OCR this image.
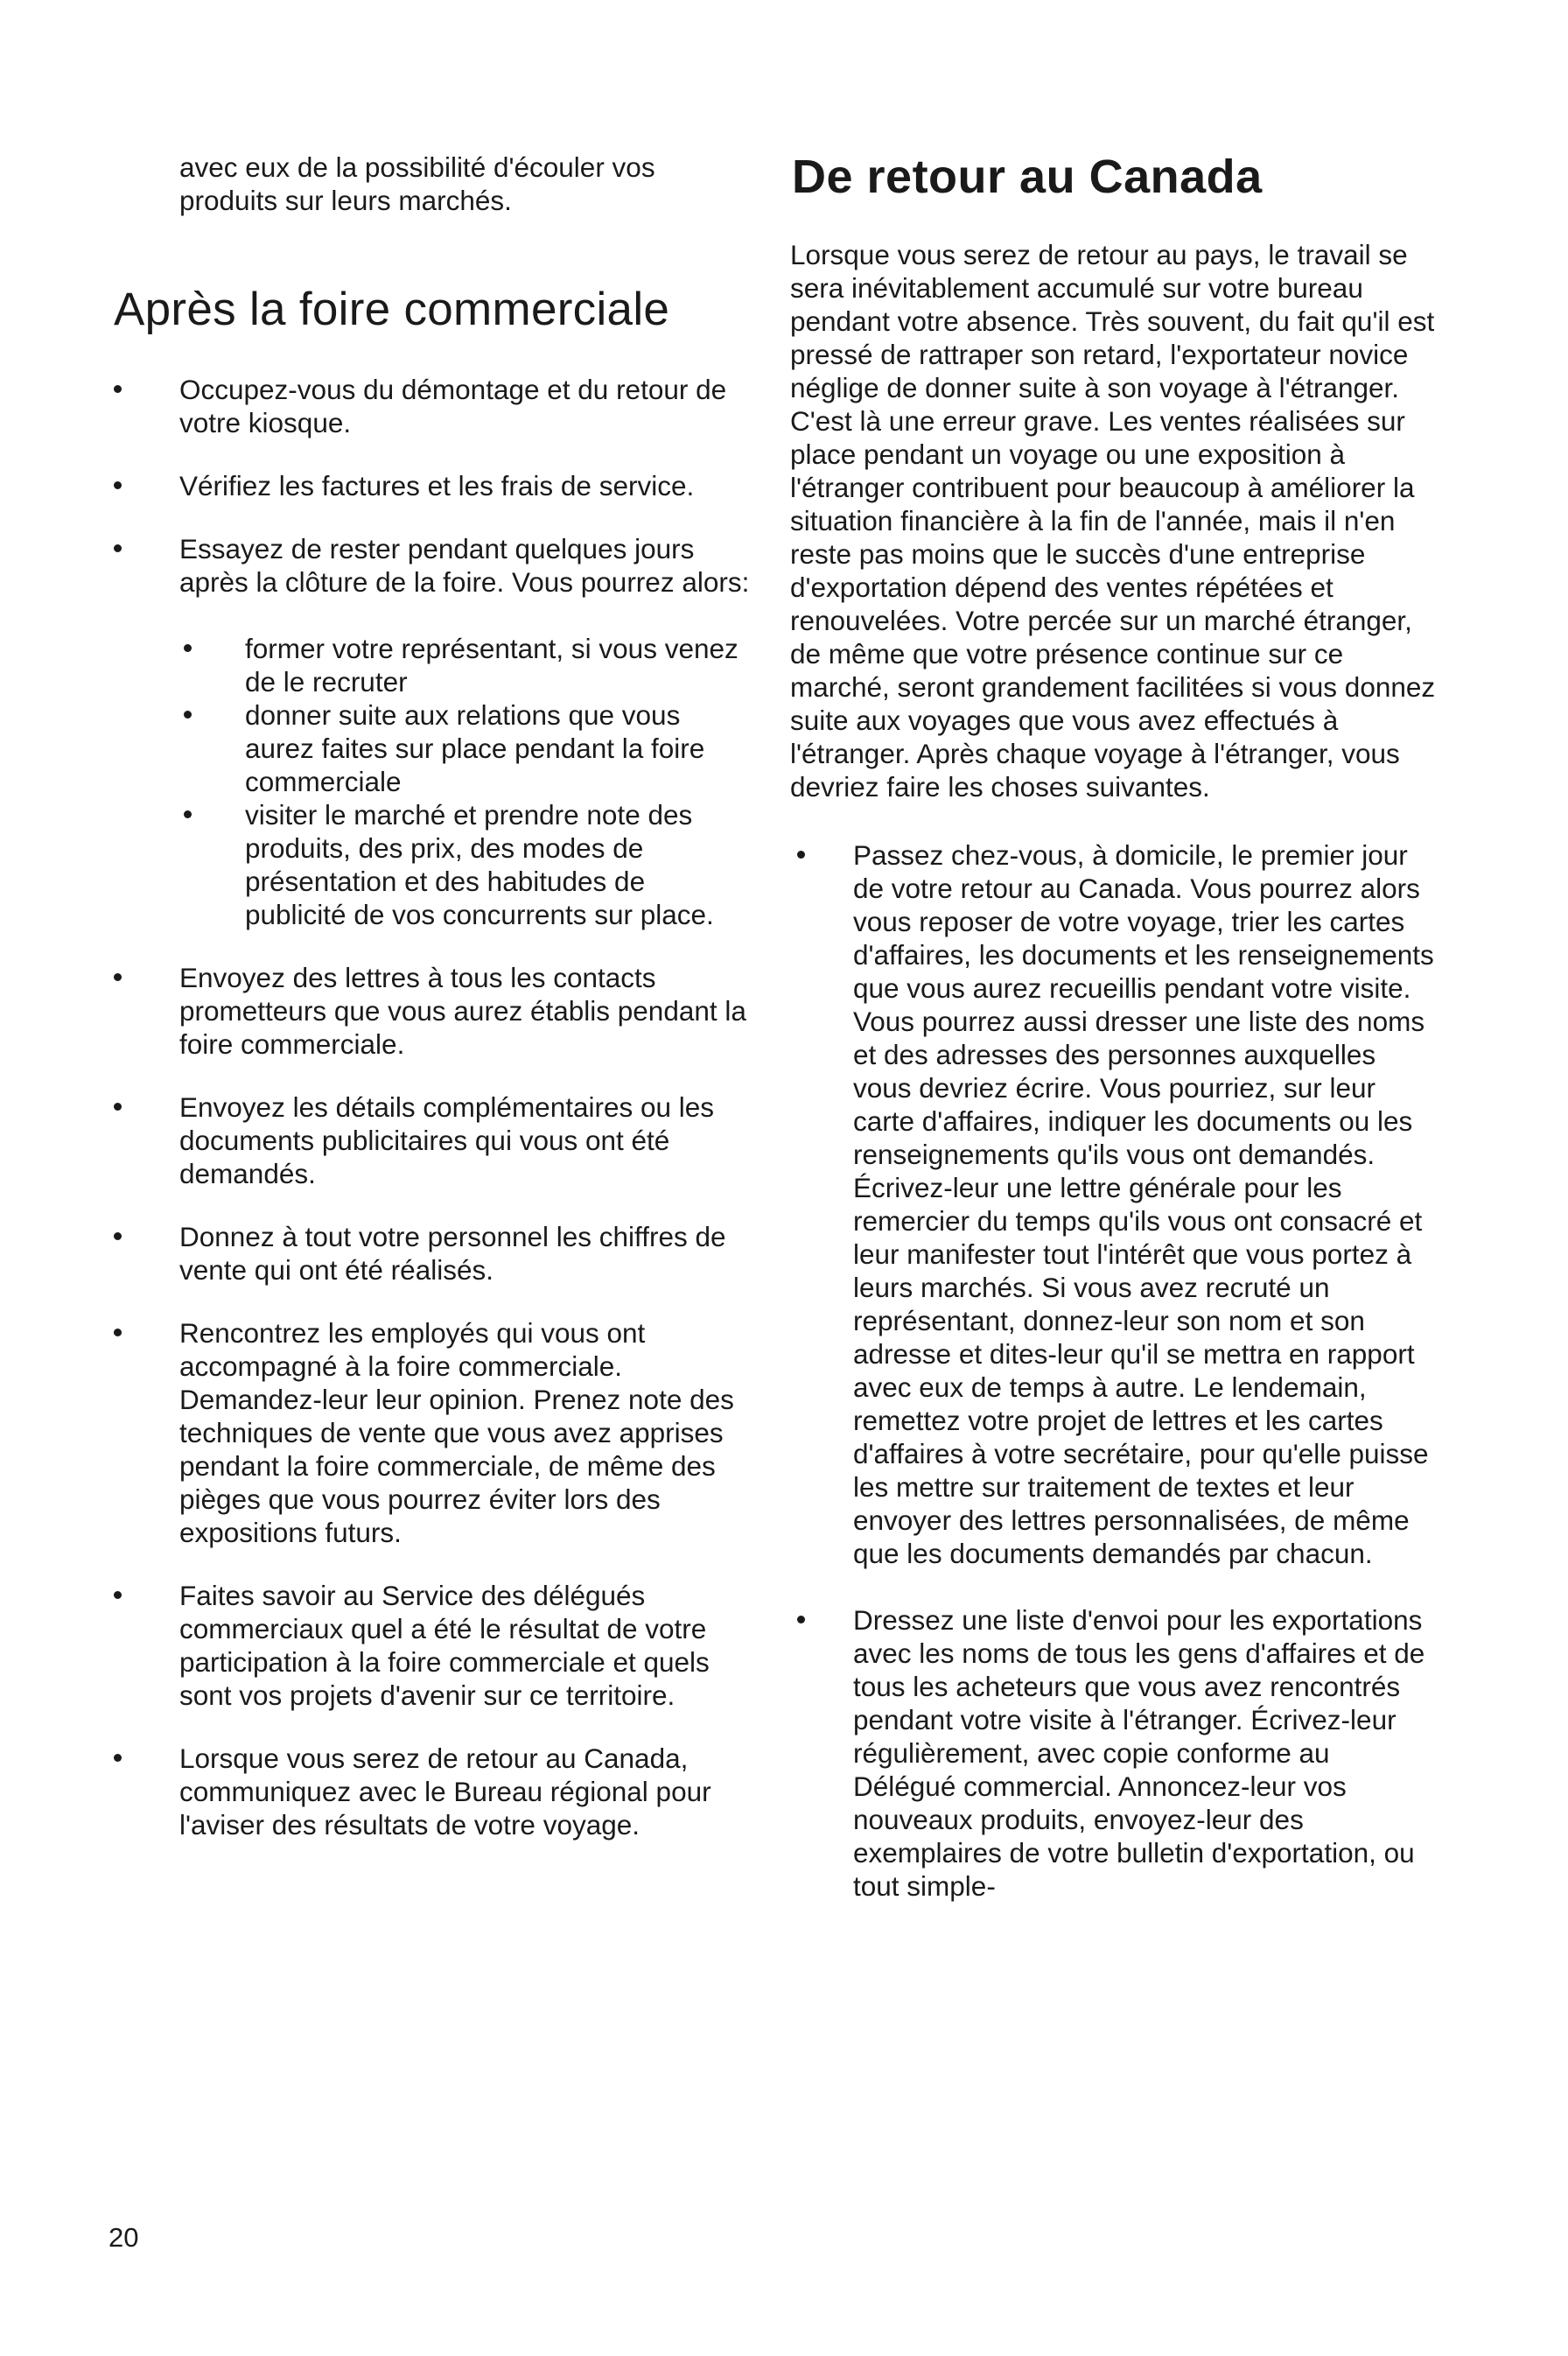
avec eux de la possibilité d'écouler vos produits sur leurs marchés.

Après la foire commerciale
Occupez-vous du démontage et du retour de votre kiosque.
Vérifiez les factures et les frais de service.
Essayez de rester pendant quelques jours après la clôture de la foire. Vous pourrez alors:
former votre représentant, si vous venez de le recruter
donner suite aux relations que vous aurez faites sur place pendant la foire commerciale
visiter le marché et prendre note des produits, des prix, des modes de présentation et des habitudes de publicité de vos concurrents sur place.
Envoyez des lettres à tous les contacts prometteurs que vous aurez établis pendant la foire commerciale.
Envoyez les détails complémentaires ou les documents publicitaires qui vous ont été demandés.
Donnez à tout votre personnel les chiffres de vente qui ont été réalisés.
Rencontrez les employés qui vous ont accompagné à la foire commerciale. Demandez-leur leur opinion. Prenez note des techniques de vente que vous avez apprises pendant la foire commerciale, de même des pièges que vous pourrez éviter lors des expositions futurs.
Faites savoir au Service des délégués commerciaux quel a été le résultat de votre participation à la foire commerciale et quels sont vos projets d'avenir sur ce territoire.
Lorsque vous serez de retour au Canada, communiquez avec le Bureau régional pour l'aviser des résultats de votre voyage.
De retour au Canada

Lorsque vous serez de retour au pays, le travail se sera inévitablement accumulé sur votre bureau pendant votre absence. Très souvent, du fait qu'il est pressé de rattraper son retard, l'exportateur novice néglige de donner suite à son voyage à l'étranger. C'est là une erreur grave. Les ventes réalisées sur place pendant un voyage ou une exposition à l'étranger contribuent pour beaucoup à améliorer la situation financière à la fin de l'année, mais il n'en reste pas moins que le succès d'une entreprise d'exportation dépend des ventes répétées et renouvelées. Votre percée sur un marché étranger, de même que votre présence continue sur ce marché, seront grandement facilitées si vous donnez suite aux voyages que vous avez effectués à l'étranger. Après chaque voyage à l'étranger, vous devriez faire les choses suivantes.

Passez chez-vous, à domicile, le premier jour de votre retour au Canada. Vous pourrez alors vous reposer de votre voyage, trier les cartes d'affaires, les documents et les renseignements que vous aurez recueillis pendant votre visite. Vous pourrez aussi dresser une liste des noms et des adresses des personnes auxquelles vous devriez écrire. Vous pourriez, sur leur carte d'affaires, indiquer les documents ou les renseignements qu'ils vous ont demandés. Écrivez-leur une lettre générale pour les remercier du temps qu'ils vous ont consacré et leur manifester tout l'intérêt que vous portez à leurs marchés. Si vous avez recruté un représentant, donnez-leur son nom et son adresse et dites-leur qu'il se mettra en rapport avec eux de temps à autre. Le lendemain, remettez votre projet de lettres et les cartes d'affaires à votre secrétaire, pour qu'elle puisse les mettre sur traitement de textes et leur envoyer des lettres personnalisées, de même que les documents demandés par chacun.
Dressez une liste d'envoi pour les exportations avec les noms de tous les gens d'affaires et de tous les acheteurs que vous avez rencontrés pendant votre visite à l'étranger. Écrivez-leur régulièrement, avec copie conforme au Délégué commercial. Annoncez-leur vos nouveaux produits, envoyez-leur des exemplaires de votre bulletin d'exportation, ou tout simple-
20
